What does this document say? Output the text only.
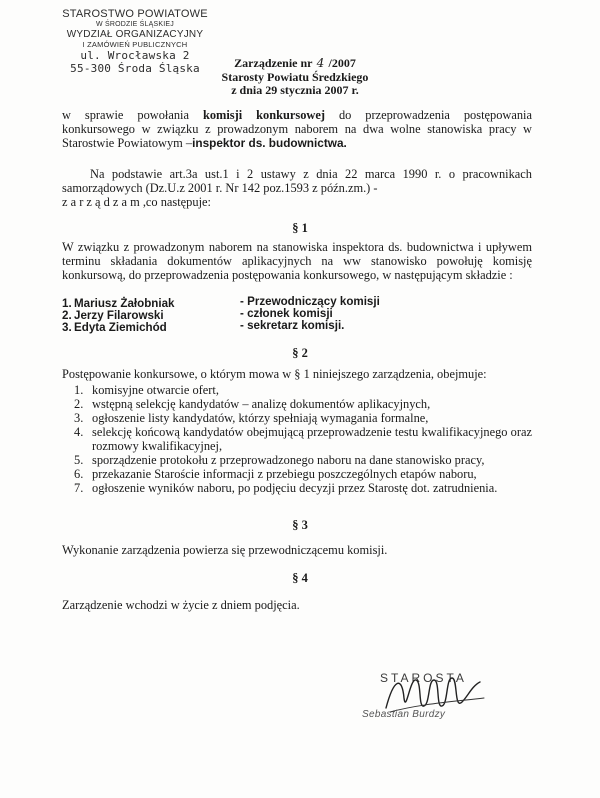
STAROSTWO POWIATOWE
W ŚRODZIE ŚLĄSKIEJ
WYDZIAŁ ORGANIZACYJNY
I ZAMÓWIEŃ PUBLICZNYCH
ul. Wrocławska 2
55-300 Środa Śląska	Zarządzenie nr 4 /2007
Starosty Powiatu Średzkiego
z dnia 29 stycznia 2007 r.

w sprawie powołania komisji konkursowej do przeprowadzenia postępowania konkursowego w związku z prowadzonym naborem na dwa wolne stanowiska pracy w Starostwie Powiatowym –inspektor ds. budownictwa.

Na podstawie art.3a ust.1 i 2 ustawy z dnia 22 marca 1990 r. o pracownikach samorządowych (Dz.U.z 2001 r. Nr 142 poz.1593 z późn.zm.) -

z a r z ą d z a m ,co następuje:

§ 1
W związku z prowadzonym naborem na stanowiska inspektora ds. budownictwa i upływem terminu składania dokumentów aplikacyjnych na ww stanowisko powołuję komisję konkursową, do przeprowadzenia postępowania konkursowego, w następującym składzie :
1. Mariusz Żałobniak	- Przewodniczący komisji
2. Jerzy Filarowski	- członek komisji
3. Edyta Ziemichód	- sekretarz komisji.
§ 2
Postępowanie konkursowe, o którym mowa w § 1 niniejszego zarządzenia, obejmuje:
1. komisyjne otwarcie ofert,
2. wstępną selekcję kandydatów – analizę dokumentów aplikacyjnych,
3. ogłoszenie listy kandydatów, którzy spełniają wymagania formalne,
4. selekcję końcową kandydatów obejmującą przeprowadzenie testu kwalifikacyjnego oraz rozmowy kwalifikacyjnej,
5. sporządzenie protokołu z przeprowadzonego naboru na dane stanowisko pracy,
6. przekazanie Staroście informacji z przebiegu poszczególnych etapów naboru,
7. ogłoszenie wyników naboru, po podjęciu decyzji przez Starostę dot. zatrudnienia.
§ 3
Wykonanie zarządzenia powierza się przewodniczącemu komisji.
§ 4
Zarządzenie wchodzi w życie z dniem podjęcia.
STAROSTA
Sebastian Burdzy
